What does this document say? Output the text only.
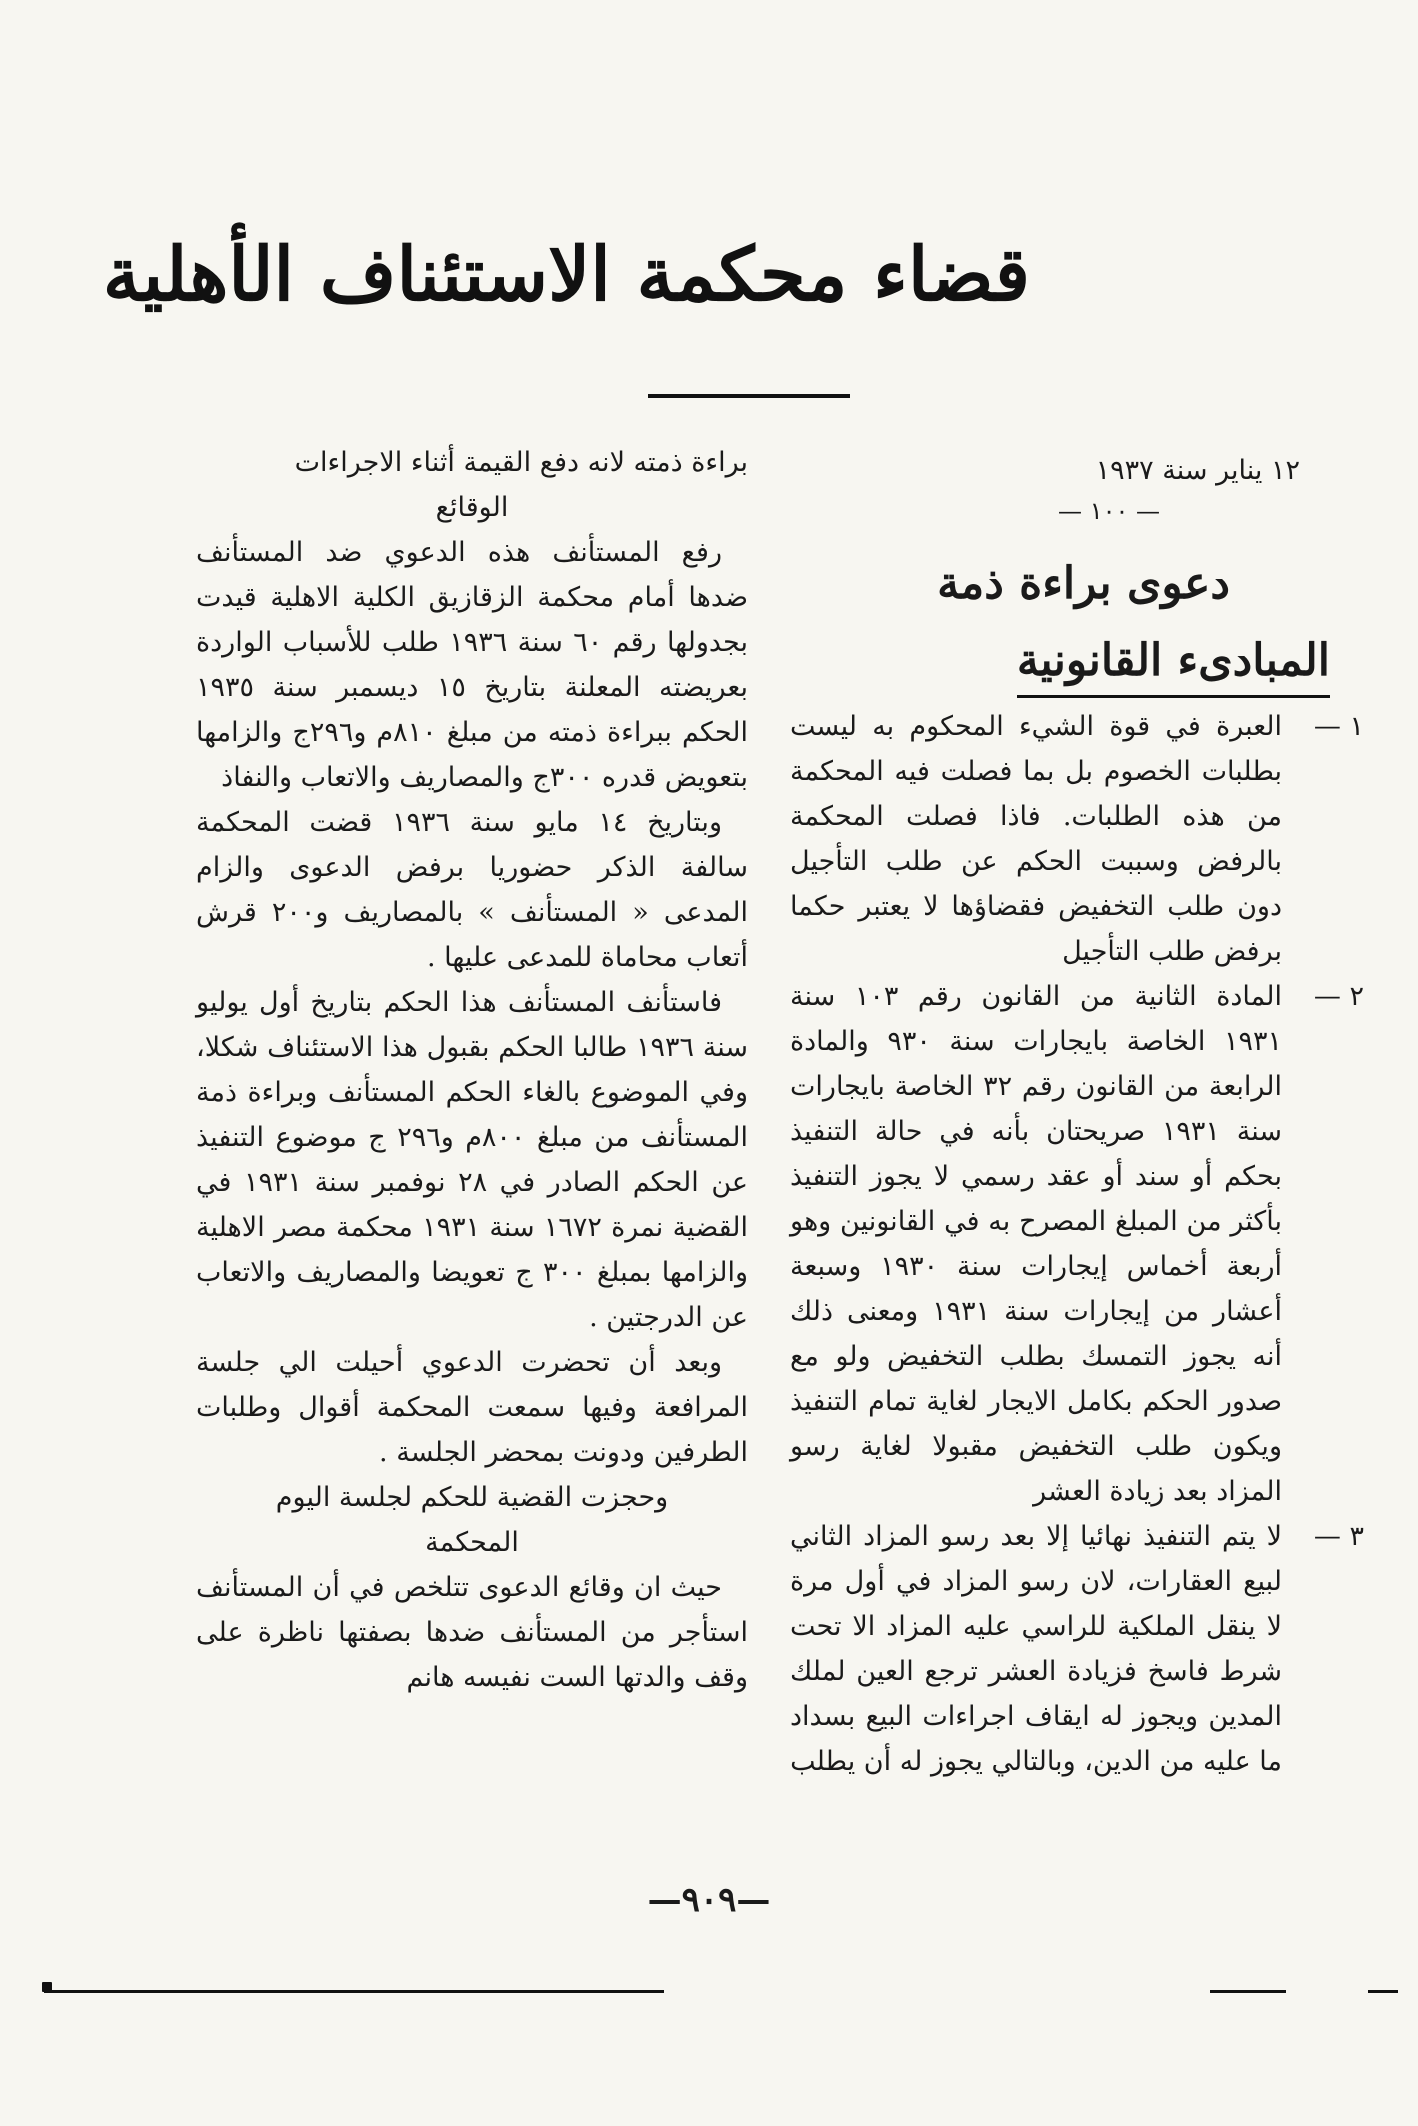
قضاء محكمة الاستئناف الأهلية

١٢ يناير سنة ١٩٣٧

— ١٠٠ —

دعوى براءة ذمة

المبادىء القانونية
١ —

العبرة في قوة الشيء المحكوم به ليست بطلبات الخصوم بل بما فصلت فيه المحكمة من هذه الطلبات. فاذا فصلت المحكمة بالرفض وسببت الحكم عن طلب التأجيل دون طلب التخفيض فقضاؤها لا يعتبر حكما برفض طلب التأجيل

٢ —

المادة الثانية من القانون رقم ١٠٣ سنة ١٩٣١ الخاصة بايجارات سنة ٩٣٠ والمادة الرابعة من القانون رقم ٣٢ الخاصة بايجارات سنة ١٩٣١ صريحتان بأنه في حالة التنفيذ بحكم أو سند أو عقد رسمي لا يجوز التنفيذ بأكثر من المبلغ المصرح به في القانونين وهو أربعة أخماس إيجارات سنة ١٩٣٠ وسبعة أعشار من إيجارات سنة ١٩٣١ ومعنى ذلك أنه يجوز التمسك بطلب التخفيض ولو مع صدور الحكم بكامل الايجار لغاية تمام التنفيذ ويكون طلب التخفيض مقبولا لغاية رسو المزاد بعد زيادة العشر

٣ —

لا يتم التنفيذ نهائيا إلا بعد رسو المزاد الثاني لبيع العقارات، لان رسو المزاد في أول مرة لا ينقل الملكية للراسي عليه المزاد الا تحت شرط فاسخ فزيادة العشر ترجع العين لملك المدين ويجوز له ايقاف اجراءات البيع بسداد ما عليه من الدين، وبالتالي يجوز له أن يطلب

براءة ذمته لانه دفع القيمة أثناء الاجراءات

الوقائع

رفع المستأنف هذه الدعوي ضد المستأنف ضدها أمام محكمة الزقازيق الكلية الاهلية قيدت بجدولها رقم ٦٠ سنة ١٩٣٦ طلب للأسباب الواردة بعريضته المعلنة بتاريخ ١٥ ديسمبر سنة ١٩٣٥ الحكم ببراءة ذمته من مبلغ ٨١٠م و٢٩٦ج والزامها بتعويض قدره ٣٠٠ج والمصاريف والاتعاب والنفاذ

وبتاريخ ١٤ مايو سنة ١٩٣٦ قضت المحكمة سالفة الذكر حضوريا برفض الدعوى والزام المدعى « المستأنف » بالمصاريف و٢٠٠ قرش أتعاب محاماة للمدعى عليها .

فاستأنف المستأنف هذا الحكم بتاريخ أول يوليو سنة ١٩٣٦ طالبا الحكم بقبول هذا الاستئناف شكلا، وفي الموضوع بالغاء الحكم المستأنف وبراءة ذمة المستأنف من مبلغ ٨٠٠م و٢٩٦ ج موضوع التنفيذ عن الحكم الصادر في ٢٨ نوفمبر سنة ١٩٣١ في القضية نمرة ١٦٧٢ سنة ١٩٣١ محكمة مصر الاهلية والزامها بمبلغ ٣٠٠ ج تعويضا والمصاريف والاتعاب عن الدرجتين .

وبعد أن تحضرت الدعوي أحيلت الي جلسة المرافعة وفيها سمعت المحكمة أقوال وطلبات الطرفين ودونت بمحضر الجلسة .

وحجزت القضية للحكم لجلسة اليوم

المحكمة

حيث ان وقائع الدعوى تتلخص في أن المستأنف استأجر من المستأنف ضدها بصفتها ناظرة على وقف والدتها الست نفيسه هانم

—٩٠٩—
